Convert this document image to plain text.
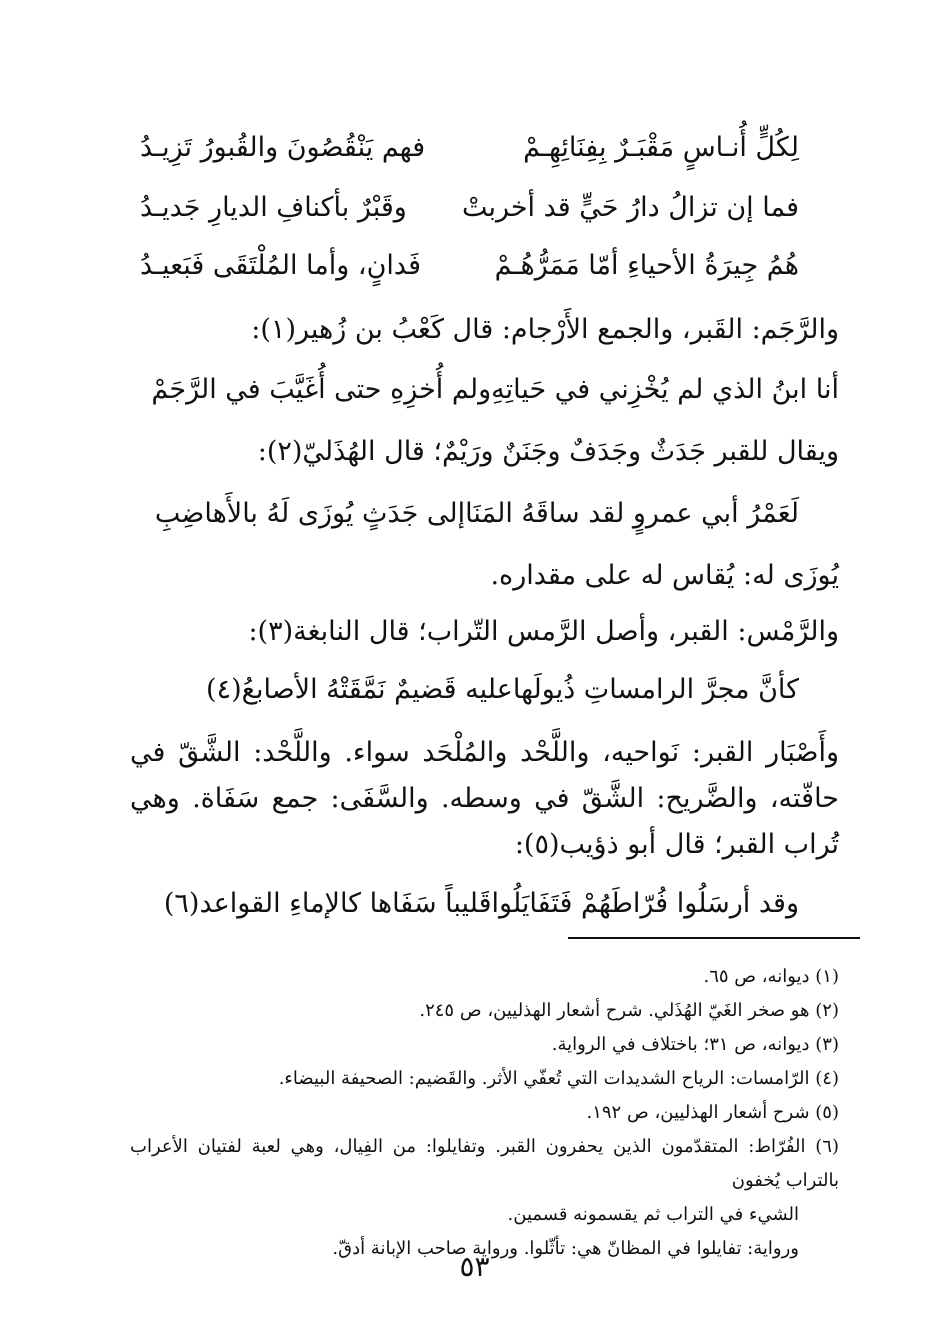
لِكُلٍّ أُنـاسٍ مَقْبَـرٌ بِفِنَائِهِـمْ
فهم يَنْقُصُونَ والقُبورُ تَزِيـدُ
فما إن تزالُ دارُ حَيٍّ قد أخربتْ
وقَبْرٌ بأكنافِ الديارِ جَديـدُ
هُمُ جِيرَةُ الأحياءِ أمّا مَمَرُّهُـمْ
فَدانٍ، وأما المُلْتَقَى فَبَعيـدُ
والرَّجَم: القَبر، والجمع الأَرْجام: قال كَعْبُ بن زُهير(١):
أنا ابنُ الذي لم يُخْزِني في حَياتِهِ
ولم أُخزِهِ حتى أُغَيَّبَ في الرَّجَمْ
ويقال للقبر جَدَثٌ وجَدَفٌ وجَنَنٌ ورَيْمٌ؛ قال الهُذَليّ(٢):
لَعَمْرُ أبي عمروٍ لقد ساقَهُ المَنَا
إلى جَدَثٍ يُوزَى لَهُ بالأَهاضِبِ
يُوزَى له: يُقاس له على مقداره.
والرَّمْس: القبر، وأصل الرَّمس التّراب؛ قال النابغة(٣):
كأنَّ مجرَّ الرامساتِ ذُيولَها
عليه قَضيمٌ نَمَّقَتْهُ الأصابعُ(٤)
وأَصْبَار القبر: نَواحيه، واللَّحْد والمُلْحَد سواء. واللَّحْد: الشَّقّ في حافّته، والضَّريح: الشَّقّ في وسطه. والسَّفَى: جمع سَفَاة. وهي تُراب القبر؛ قال أبو ذؤيب(٥):
وقد أرسَلُوا فُرّاطَهُمْ فَتَفَايَلُوا
قَليباً سَفَاها كالإماءِ القواعد(٦)
(١) ديوانه، ص ٦٥.
(٢) هو صخر الغَيّ الهُذَلي. شرح أشعار الهذليين، ص ٢٤٥.
(٣) ديوانه، ص ٣١؛ باختلاف في الرواية.
(٤) الرّامسات: الرياح الشديدات التي تُعفّي الأثر. والقَضيم: الصحيفة البيضاء.
(٥) شرح أشعار الهذليين، ص ١٩٢.
(٦) الفُرّاط: المتقدّمون الذين يحفرون القبر. وتفايلوا: من الفِيال، وهي لعبة لفتيان الأعراب بالتراب يُخفون
الشيء في التراب ثم يقسمونه قسمين.
ورواية: تفايلوا في المظانّ هي: تأثّلوا. ورواية صاحب الإبانة أدقّ.
٥٣
